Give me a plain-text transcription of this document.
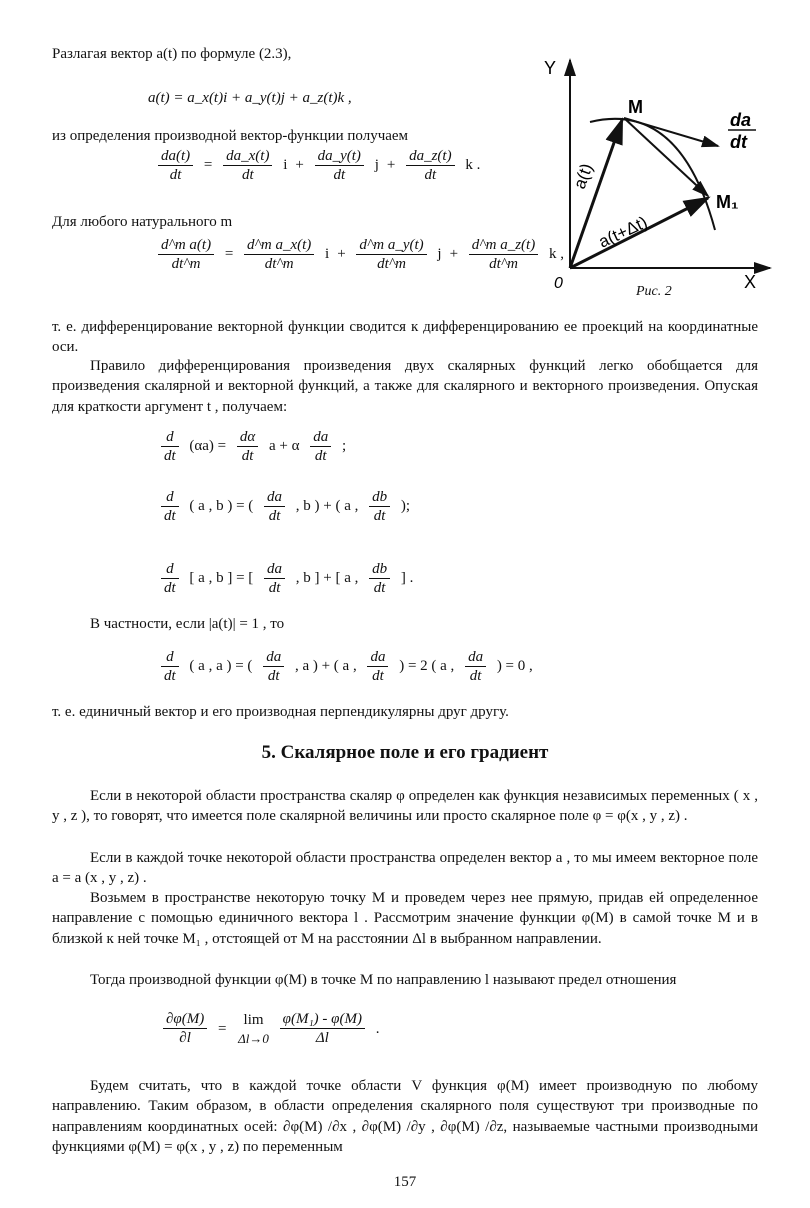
Разлагая вектор a(t) по формуле (2.3),
a(t) = a_x(t)i + a_y(t)j + a_z(t)k ,
из определения производной вектор-функции получаем
$\frac{da(t)}{dt} = \frac{da\_x(t)}{dt}$ $i + \frac{da\_y(t)}{dt}$ $j + \frac{da\_z(t)}{dt}$ k .
Для любого натурального m
$\frac{\text{d\textasciicircum{}m a(t)}}{dt\^{}m} = \frac{\text{d\textasciicircum{}m a\_x(t)}}{dt\^{}m}$ $i + \frac{\text{d\textasciicircum{}m a\_y(t)}}{dt\^{}m}$ $j + \frac{\text{d\textasciicircum{}m a\_z(t)}}{dt\^{}m}$ k ,
Y
X
0
M
M₁
a(t)
a(t+Δt)
da
dt
Рис. 2
т. е. дифференцирование векторной функции сводится к дифференцированию ее проекций на координатные оси.
Правило дифференцирования произведения двух скалярных функций легко обобщается для произведения скалярной и векторной функций, а также для скалярного и векторного произведения. Опуская для краткости аргумент t , получаем:
$\frac{d}{dt} (\alpha a) = \frac{d\alpha}{dt}$ a + α $\frac{da}{dt}$ ;
$\frac{d}{dt}$ ( a , b ) = ( $\frac{da}{dt}$ , b ) + ( a , $\frac{db}{dt}$ );
$\frac{d}{dt}$ [ a , b ] = [ $\frac{da}{dt}$ , b ] + [ a , $\frac{db}{dt}$ ] .
В частности, если |a(t)| = 1 , то
$\frac{d}{dt}$ ( a , a ) = ( $\frac{da}{dt}$ , a ) + ( a , $\frac{da}{dt}$ ) = 2 ( a , $\frac{da}{dt}$ ) = 0 ,
т. е. единичный вектор и его производная перпендикулярны друг другу.
5. Скалярное поле и его градиент
Если в некоторой области пространства скаляр φ определен как функция независимых переменных ( x , y , z ), то говорят, что имеется поле скалярной величины или просто скалярное поле φ = φ(x , y , z) .
Если в каждой точке некоторой области пространства определен вектор a , то мы имеем векторное поле a = a (x , y , z) .
Возьмем в пространстве некоторую точку M и проведем через нее прямую, придав ей определенное направление с помощью единичного вектора l . Рассмотрим значение функции φ(M) в самой точке M и в близкой к ней точке M₁ , отстоящей от M на расстоянии Δl в выбранном направлении.
Тогда производной функции φ(M) в точке M по направлению l называют предел отношения
$\frac{\partial\varphi(M)}{\partial l}$ =
lim
Δl→0
$\frac{\text{φ(M₁) - φ(M)}}{\Delta l}$ .
Будем считать, что в каждой точке области V функция φ(M) имеет производную по любому направлению. Таким образом, в области определения скалярного поля существуют три производные по направлениям координатных осей: ∂φ(M) /∂x , ∂φ(M) /∂y , ∂φ(M) /∂z, называемые частными производными функциями φ(M) = φ(x , y , z) по переменным
157
